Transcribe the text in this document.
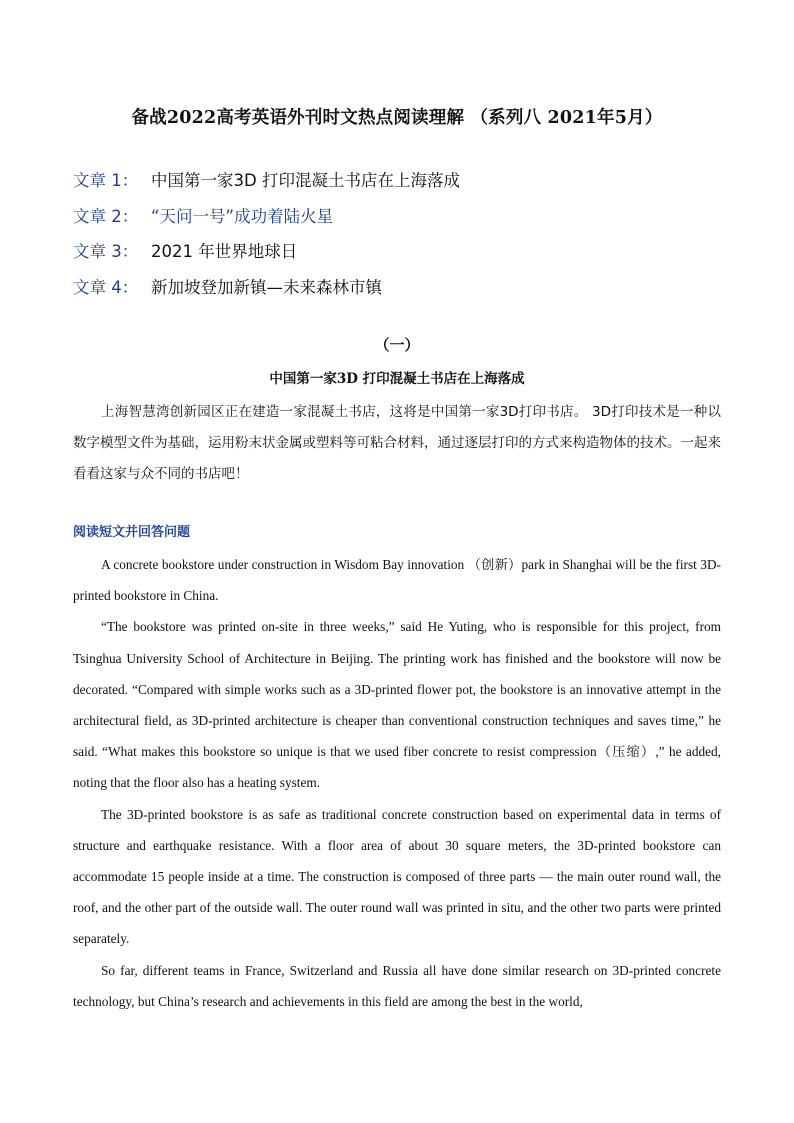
备战2022高考英语外刊时文热点阅读理解 （系列八 2021年5月）
文章 1： 中国第一家3D 打印混凝土书店在上海落成
文章 2： “天问一号”成功着陆火星
文章 3： 2021 年世界地球日
文章 4： 新加坡登加新镇—未来森林市镇
（一）
中国第一家3D 打印混凝土书店在上海落成
上海智慧湾创新园区正在建造一家混凝土书店，这将是中国第一家3D打印书店。 3D打印技术是一种以数字模型文件为基础，运用粉末状金属或塑料等可粘合材料，通过逐层打印的方式来构造物体的技术。一起来看看这家与众不同的书店吧！
阅读短文并回答问题

A concrete bookstore under construction in Wisdom Bay innovation （创新）park in Shanghai will be the first 3D-printed bookstore in China.

“The bookstore was printed on-site in three weeks,” said He Yuting, who is responsible for this project, from Tsinghua University School of Architecture in Beijing. The printing work has finished and the bookstore will now be decorated. “Compared with simple works such as a 3D-printed flower pot, the bookstore is an innovative attempt in the architectural field, as 3D-printed architecture is cheaper than conventional construction techniques and saves time,” he said. “What makes this bookstore so unique is that we used fiber concrete to resist compression（压缩）,” he added, noting that the floor also has a heating system.

The 3D-printed bookstore is as safe as traditional concrete construction based on experimental data in terms of structure and earthquake resistance. With a floor area of about 30 square meters, the 3D-printed bookstore can accommodate 15 people inside at a time. The construction is composed of three parts — the main outer round wall, the roof, and the other part of the outside wall. The outer round wall was printed in situ, and the other two parts were printed separately.

So far, different teams in France, Switzerland and Russia all have done similar research on 3D-printed concrete technology, but China’s research and achievements in this field are among the best in the world,
